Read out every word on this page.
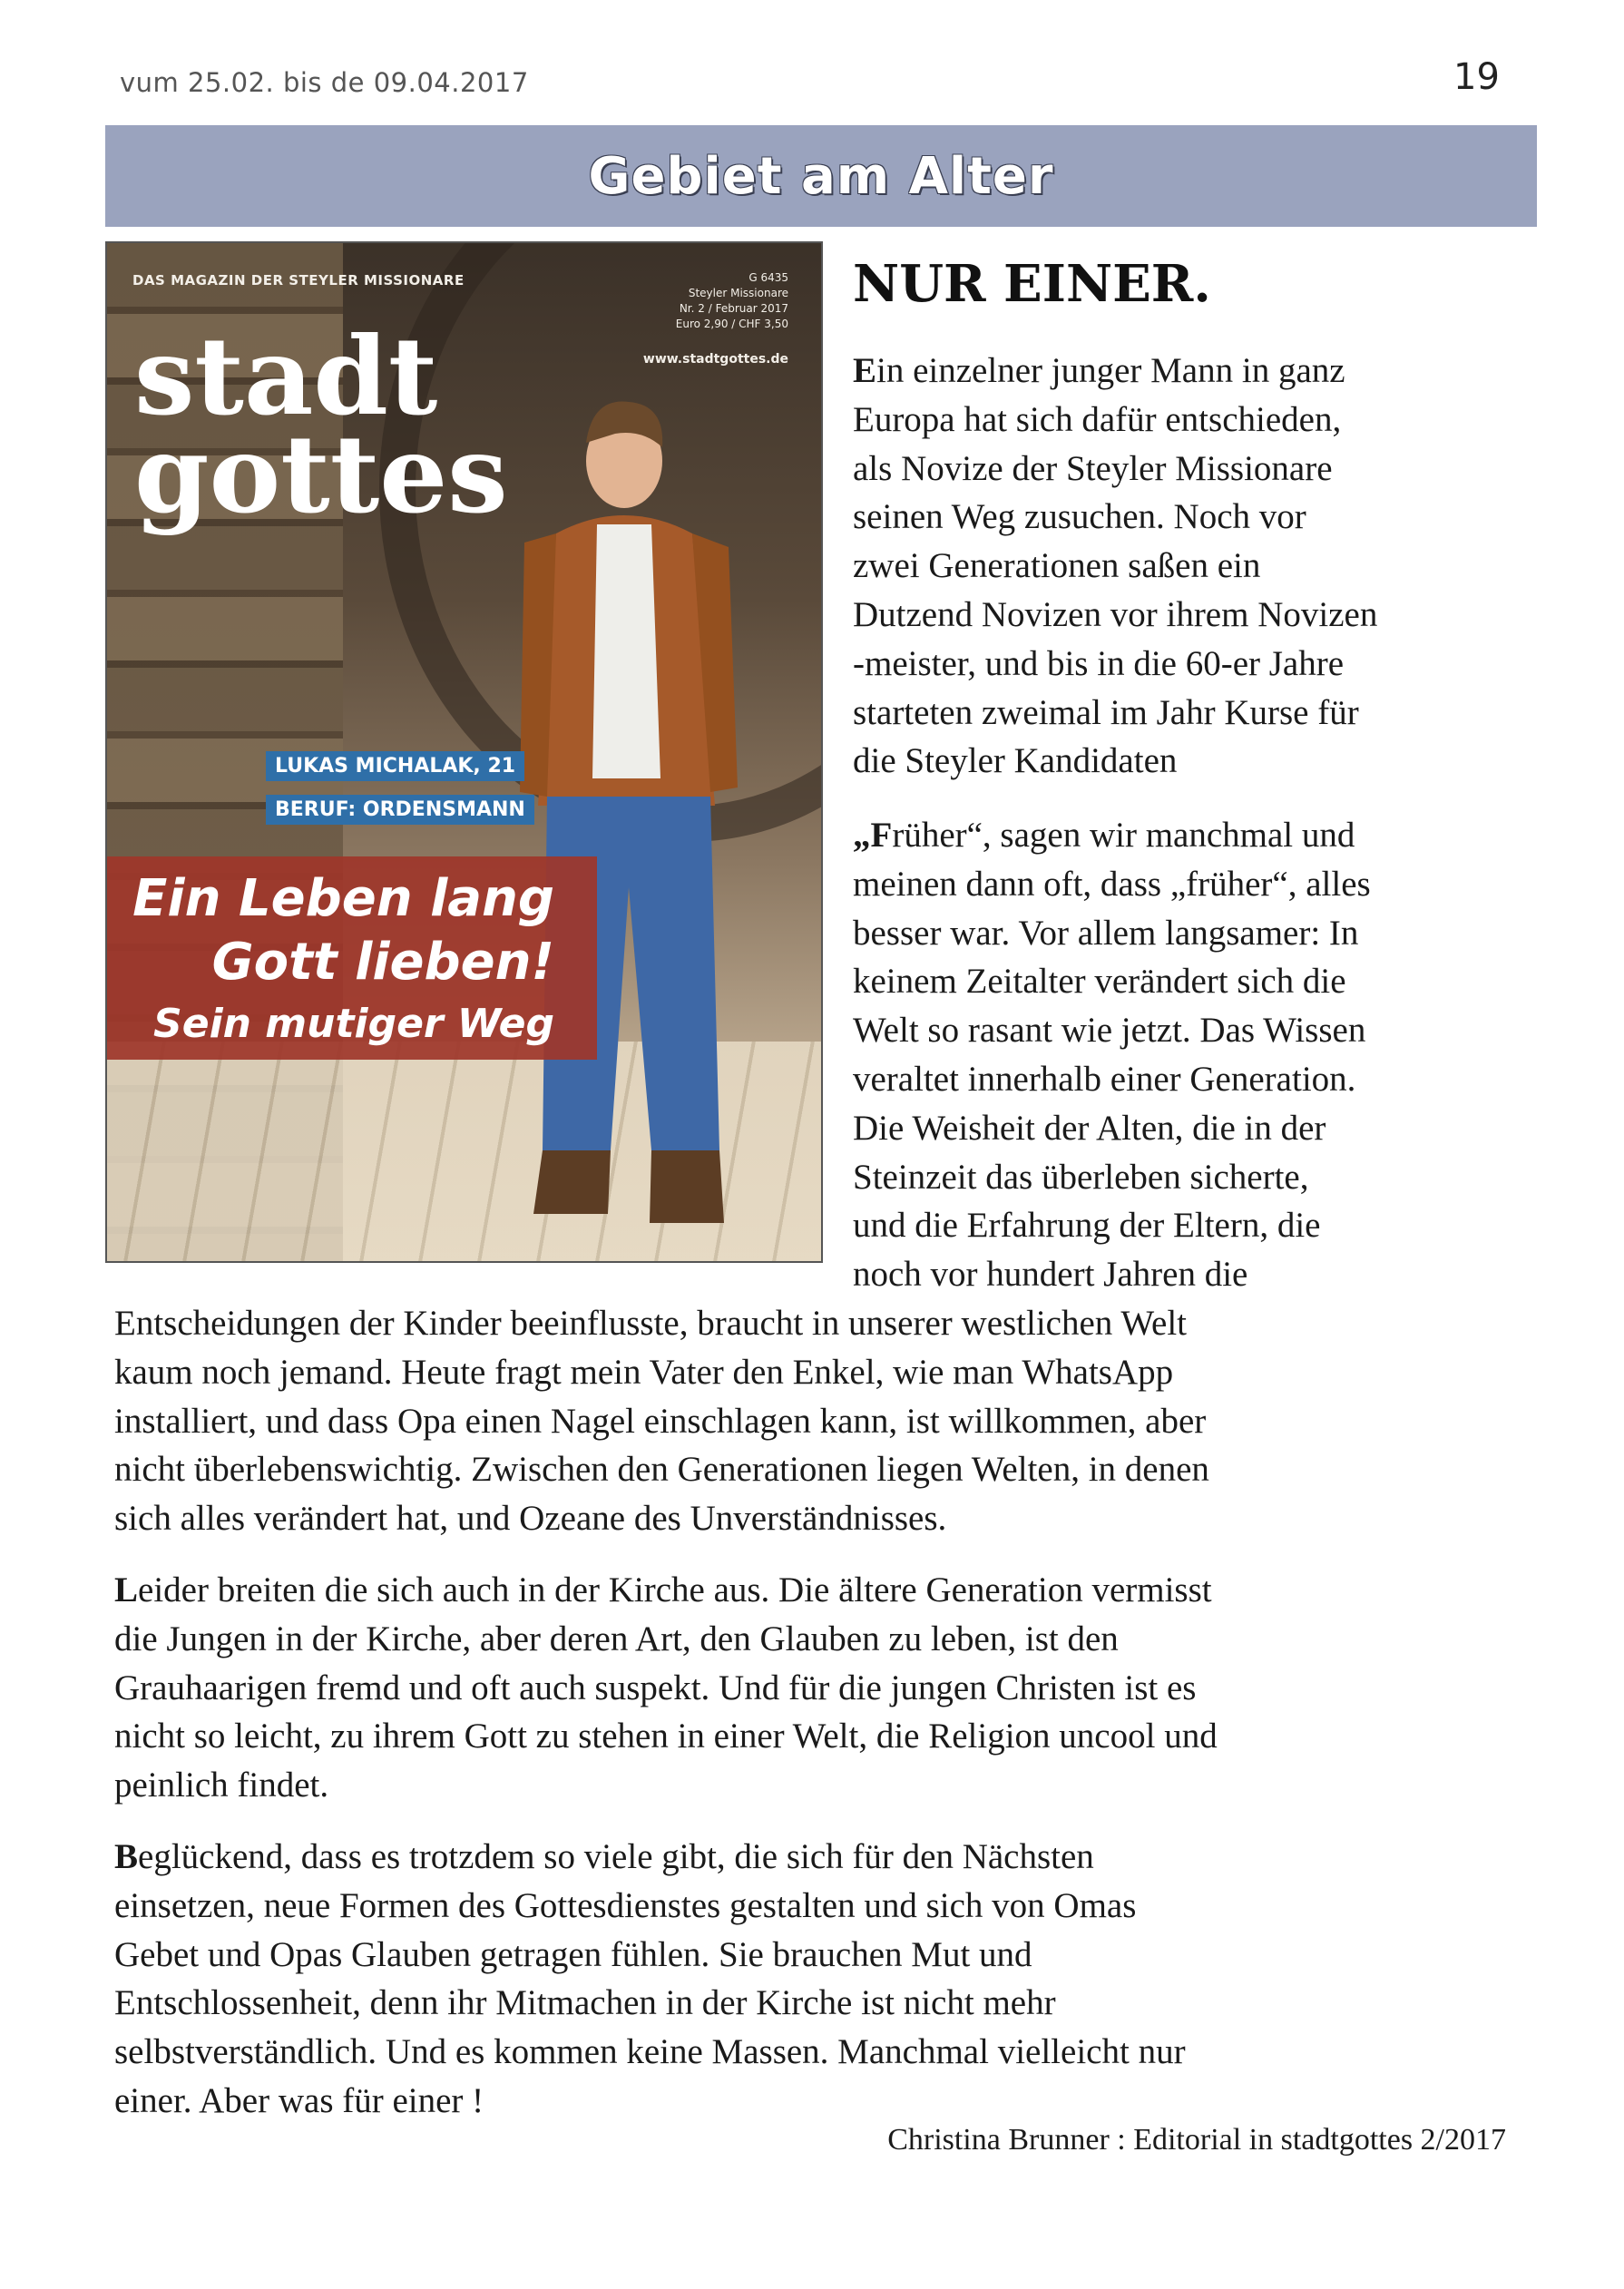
vum 25.02. bis de 09.04.2017	19
Gebiet am Alter
DAS MAGAZIN DER STEYLER MISSIONARE	G 6435
Steyler Missionare
Nr. 2 / Februar 2017
Euro 2,90 / CHF 3,50
www.stadtgottes.de
stadt
gottes
LUKAS MICHALAK, 21
BERUF: ORDENSMANN
Ein Leben lang
Gott lieben!
Sein mutiger Weg
NUR EINER.
Ein einzelner junger Mann in ganz
Europa hat sich dafür entschieden,
als Novize der Steyler Missionare
seinen Weg zusuchen. Noch vor
zwei Generationen saßen ein
Dutzend Novizen vor ihrem Novizen
-meister, und bis in die 60-er Jahre
starteten zweimal im Jahr Kurse für
die Steyler Kandidaten
„Früher“, sagen wir manchmal und
meinen dann oft, dass „früher“, alles
besser war. Vor allem langsamer: In
keinem Zeitalter verändert sich die
Welt so rasant wie jetzt. Das Wissen
veraltet innerhalb einer Generation.
Die Weisheit der Alten, die in der
Steinzeit das überleben sicherte,
und die Erfahrung der Eltern, die
noch vor hundert Jahren die
Entscheidungen der Kinder beeinflusste, braucht in unserer westlichen Welt
kaum noch jemand. Heute fragt mein Vater den Enkel, wie man WhatsApp
installiert, und dass Opa einen Nagel einschlagen kann, ist willkommen, aber
nicht überlebenswichtig. Zwischen den Generationen liegen Welten, in denen
sich alles verändert hat, und Ozeane des Unverständnisses.
Leider breiten die sich auch in der Kirche aus. Die ältere Generation vermisst
die Jungen in der Kirche, aber deren Art, den Glauben zu leben, ist den
Grauhaarigen fremd und oft auch suspekt. Und für die jungen Christen ist es
nicht so leicht, zu ihrem Gott zu stehen in einer Welt, die Religion uncool und
peinlich findet.
Beglückend, dass es trotzdem so viele gibt, die sich für den Nächsten
einsetzen, neue Formen des Gottesdienstes gestalten und sich von Omas
Gebet und Opas Glauben getragen fühlen. Sie brauchen Mut und
Entschlossenheit, denn ihr Mitmachen in der Kirche ist nicht mehr
selbstverständlich. Und es kommen keine Massen. Manchmal vielleicht nur
einer. Aber was für einer !
Christina Brunner : Editorial in stadtgottes 2/2017
